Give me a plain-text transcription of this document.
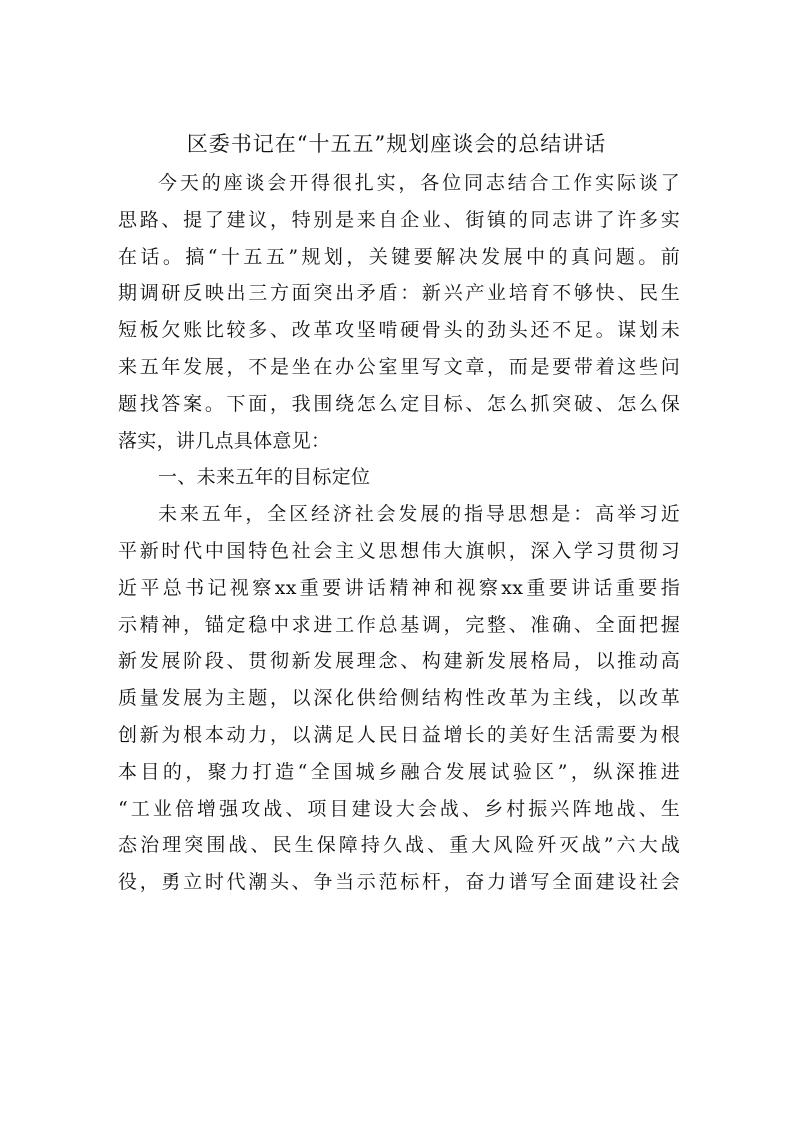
区委书记在“十五五”规划座谈会的总结讲话
今天的座谈会开得很扎实，各位同志结合工作实际谈了
思路、提了建议，特别是来自企业、街镇的同志讲了许多实
在话。搞“十五五”规划，关键要解决发展中的真问题。前
期调研反映出三方面突出矛盾：新兴产业培育不够快、民生
短板欠账比较多、改革攻坚啃硬骨头的劲头还不足。谋划未
来五年发展，不是坐在办公室里写文章，而是要带着这些问
题找答案。下面，我围绕怎么定目标、怎么抓突破、怎么保
落实，讲几点具体意见：
一、未来五年的目标定位
未来五年，全区经济社会发展的指导思想是：高举习近
平新时代中国特色社会主义思想伟大旗帜，深入学习贯彻习
近平总书记视察xx重要讲话精神和视察xx重要讲话重要指
示精神，锚定稳中求进工作总基调，完整、准确、全面把握
新发展阶段、贯彻新发展理念、构建新发展格局，以推动高
质量发展为主题，以深化供给侧结构性改革为主线，以改革
创新为根本动力，以满足人民日益增长的美好生活需要为根
本目的，聚力打造“全国城乡融合发展试验区”，纵深推进
“工业倍增强攻战、项目建设大会战、乡村振兴阵地战、生
态治理突围战、民生保障持久战、重大风险歼灭战”六大战
役，勇立时代潮头、争当示范标杆，奋力谱写全面建设社会
